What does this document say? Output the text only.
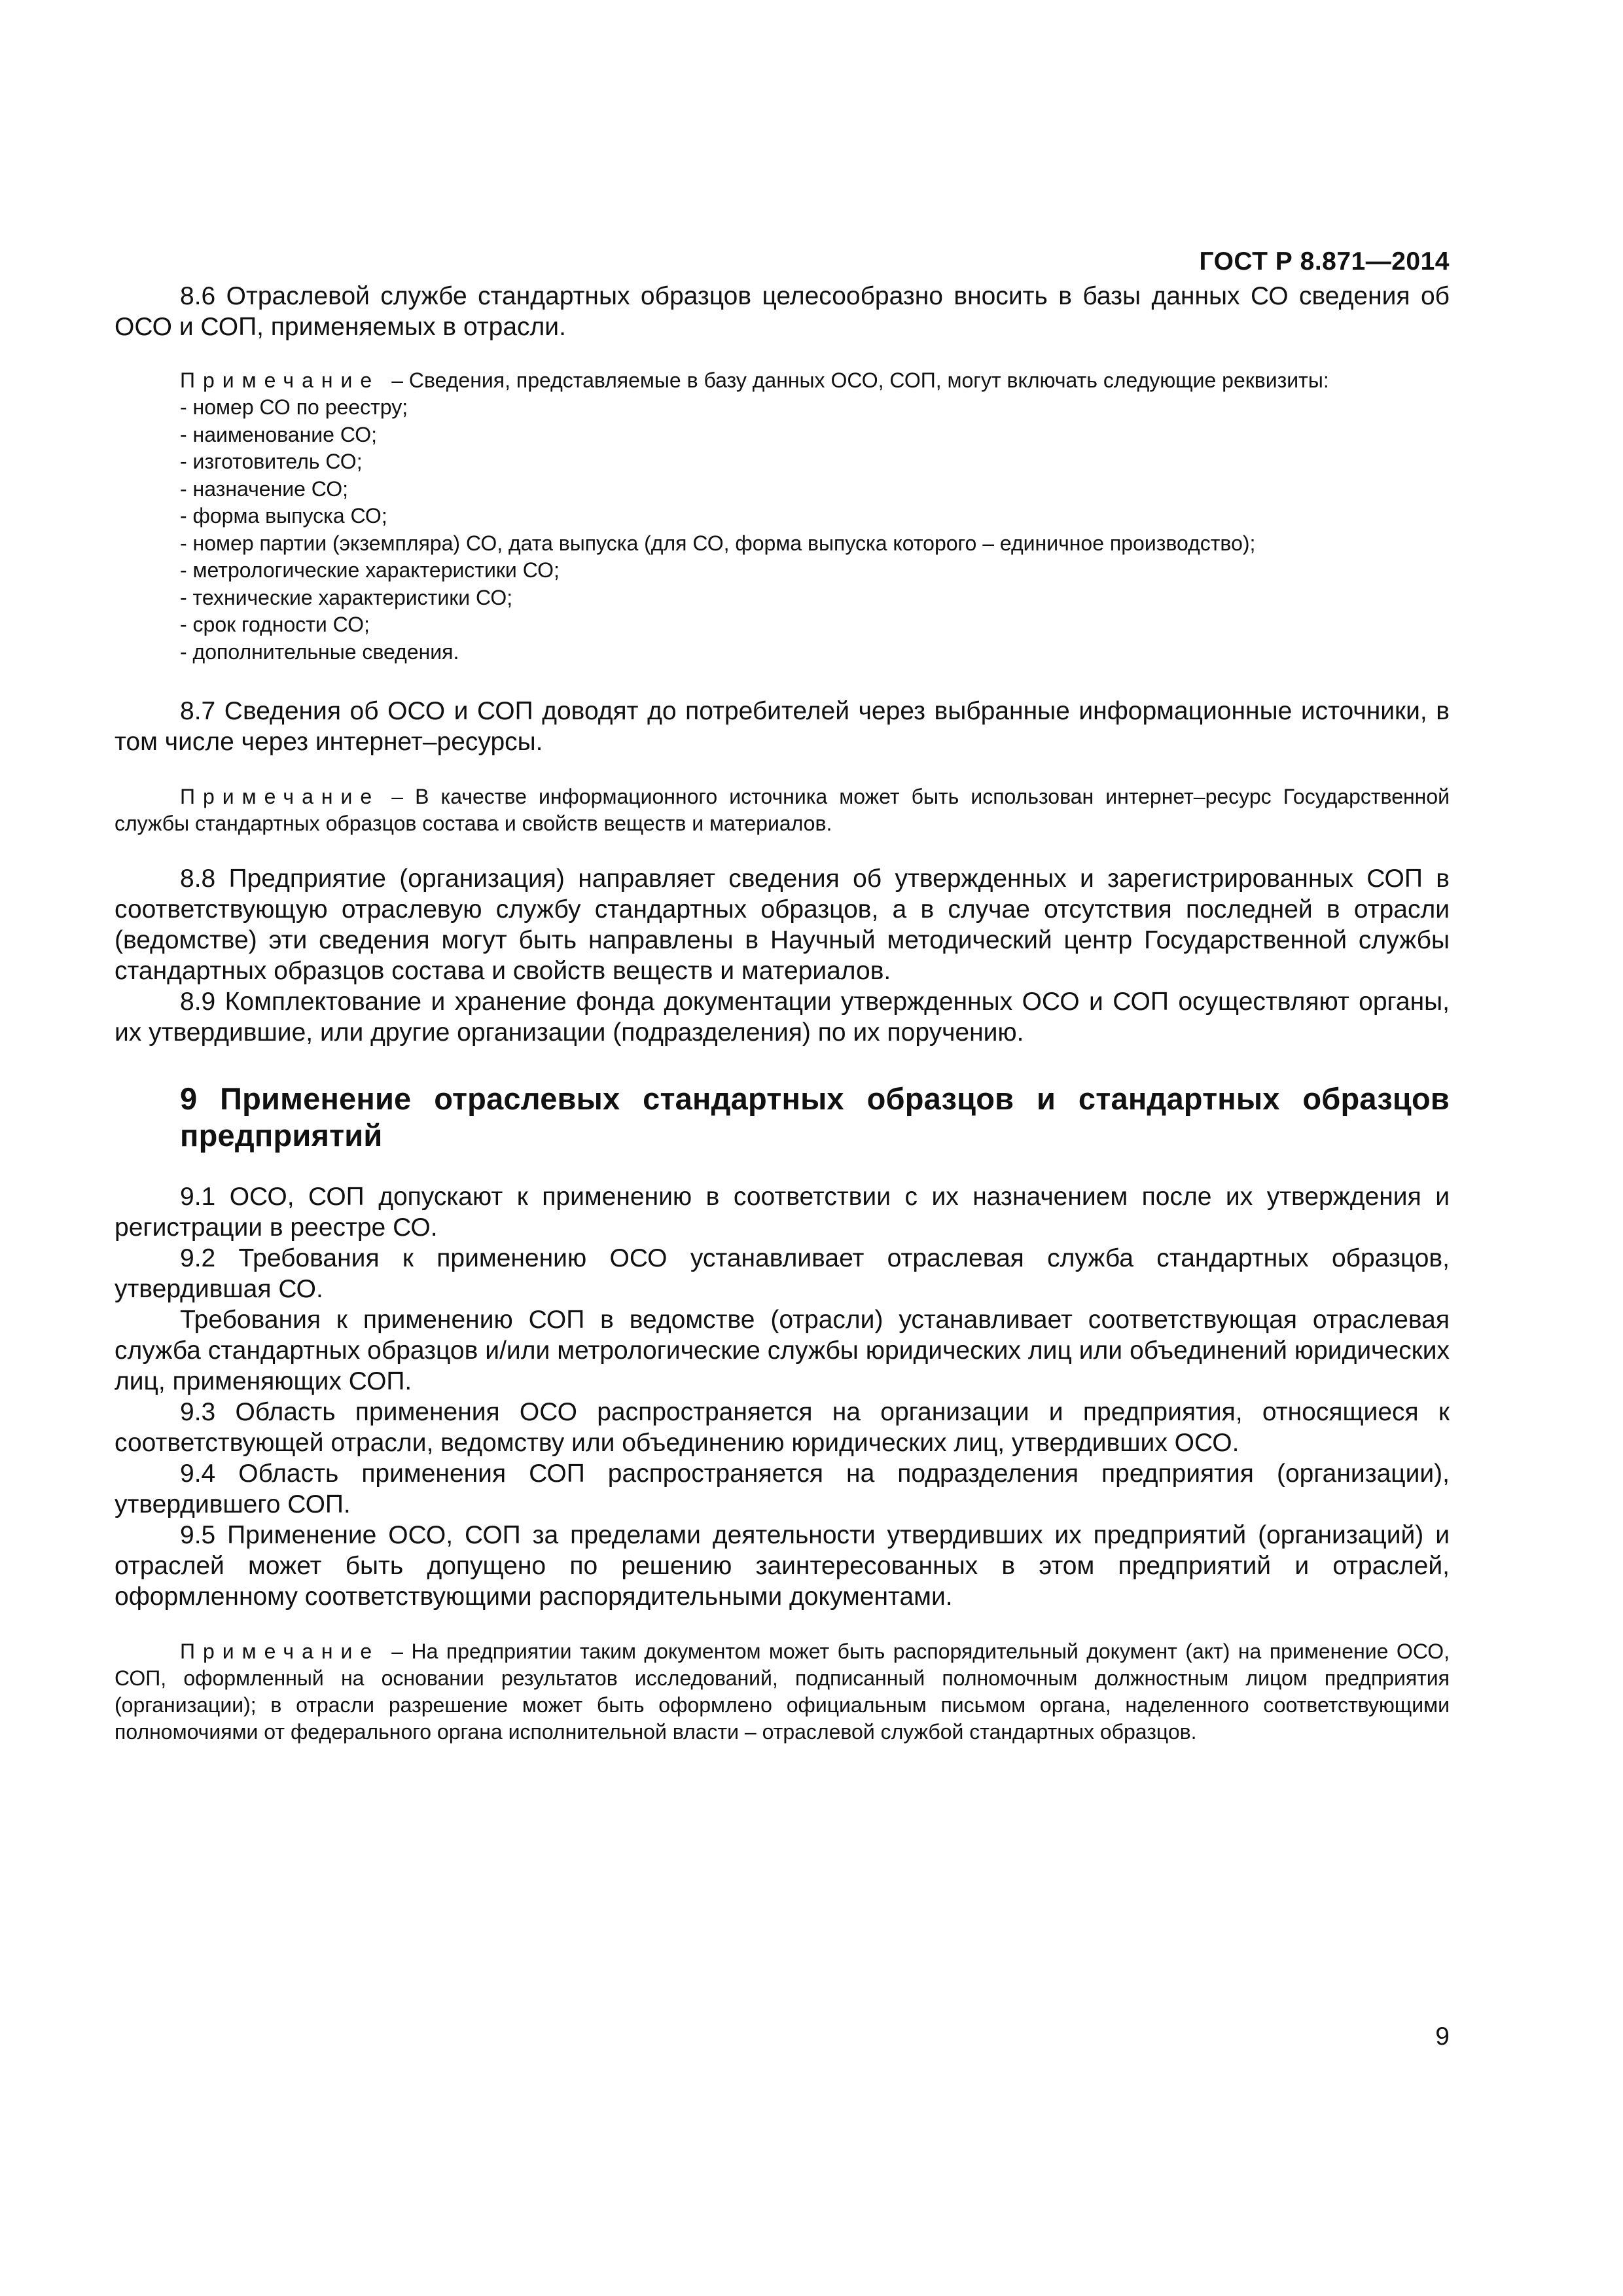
ГОСТ Р 8.871—2014

8.6 Отраслевой службе стандартных образцов целесообразно вносить в базы данных СО сведения об ОСО и СОП, применяемых в отрасли.

Примечание – Сведения, представляемые в базу данных ОСО, СОП, могут включать следующие реквизиты:

- номер СО по реестру;
- наименование СО;
- изготовитель СО;
- назначение СО;
- форма выпуска СО;
- номер партии (экземпляра) СО, дата выпуска (для СО, форма выпуска которого – единичное производство);
- метрологические характеристики СО;
- технические характеристики СО;
- срок годности СО;
- дополнительные сведения.

8.7 Сведения об ОСО и СОП доводят до потребителей через выбранные информационные источники, в том числе через интернет–ресурсы.

Примечание – В качестве информационного источника может быть использован интернет–ресурс Государственной службы стандартных образцов состава и свойств веществ и материалов.

8.8 Предприятие (организация) направляет сведения об утвержденных и зарегистрированных СОП в соответствующую отраслевую службу стандартных образцов, а в случае отсутствия последней в отрасли (ведомстве) эти сведения могут быть направлены в Научный методический центр Государственной службы стандартных образцов состава и свойств веществ и материалов.

8.9 Комплектование и хранение фонда документации утвержденных ОСО и СОП осуществляют органы, их утвердившие, или другие организации (подразделения) по их поручению.

9 Применение отраслевых стандартных образцов и стандартных образцов предприятий

9.1 ОСО, СОП допускают к применению в соответствии с их назначением после их утверждения и регистрации в реестре СО.

9.2 Требования к применению ОСО устанавливает отраслевая служба стандартных образцов, утвердившая СО.

Требования к применению СОП в ведомстве (отрасли) устанавливает соответствующая отраслевая служба стандартных образцов и/или метрологические службы юридических лиц или объединений юридических лиц, применяющих СОП.

9.3 Область применения ОСО распространяется на организации и предприятия, относящиеся к соответствующей отрасли, ведомству или объединению юридических лиц, утвердивших ОСО.

9.4 Область применения СОП распространяется на подразделения предприятия (организации), утвердившего СОП.

9.5 Применение ОСО, СОП за пределами деятельности утвердивших их предприятий (организаций) и отраслей может быть допущено по решению заинтересованных в этом предприятий и отраслей, оформленному соответствующими распорядительными документами.

Примечание – На предприятии таким документом может быть распорядительный документ (акт) на применение ОСО, СОП, оформленный на основании результатов исследований, подписанный полномочным должностным лицом предприятия (организации); в отрасли разрешение может быть оформлено официальным письмом органа, наделенного соответствующими полномочиями от федерального органа исполнительной власти – отраслевой службой стандартных образцов.

9
